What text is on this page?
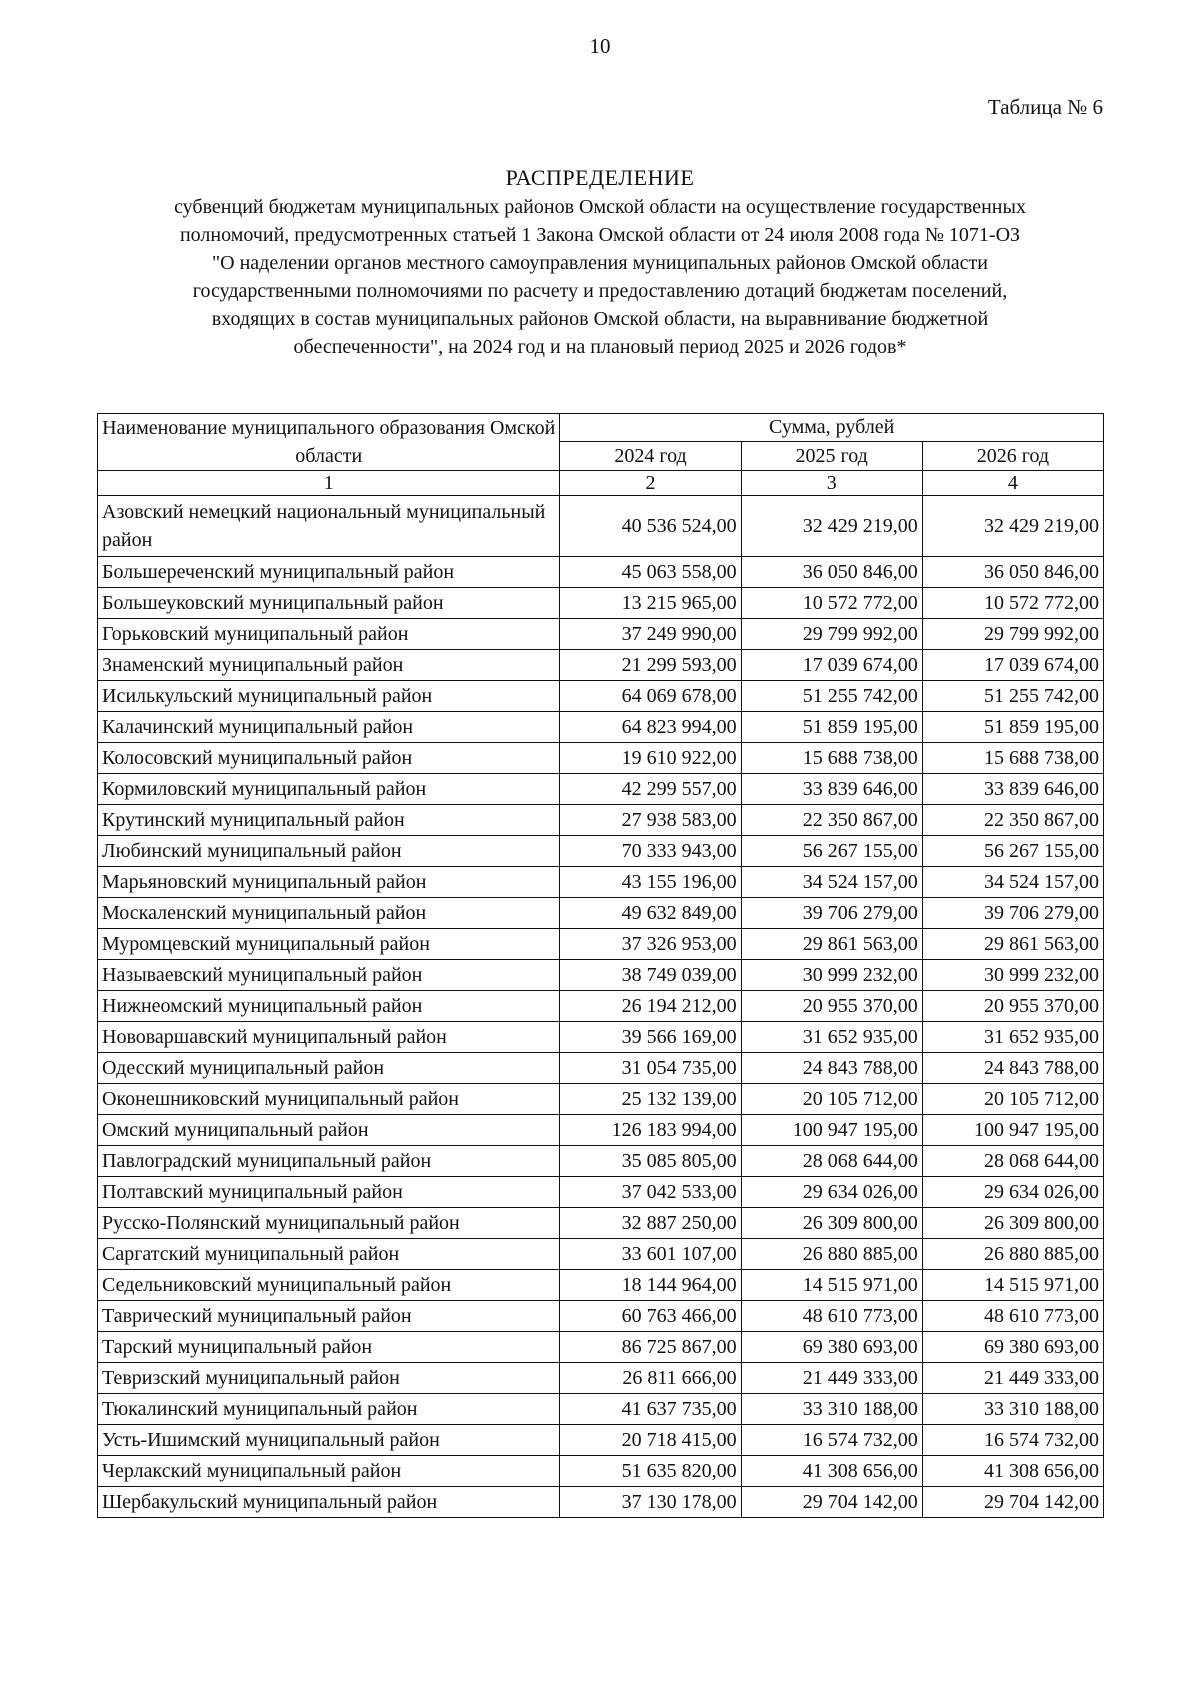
10
Таблица № 6
РАСПРЕДЕЛЕНИЕ
субвенций бюджетам муниципальных районов Омской области на осуществление государственных
полномочий, предусмотренных статьей 1 Закона Омской области от 24 июля 2008 года № 1071-ОЗ
"О наделении органов местного самоуправления муниципальных районов Омской области
государственными полномочиями по расчету и предоставлению дотаций бюджетам поселений,
входящих в состав муниципальных районов Омской области, на выравнивание бюджетной
обеспеченности", на 2024 год и на плановый период 2025 и 2026 годов*
Наименование муниципального образования Омской области	Сумма, рублей		
	2024 год	2025 год	2026 год
1	2	3	4
Азовский немецкий национальный муниципальный район	40 536 524,00	32 429 219,00	32 429 219,00
Большереченский муниципальный район	45 063 558,00	36 050 846,00	36 050 846,00
Большеуковский муниципальный район	13 215 965,00	10 572 772,00	10 572 772,00
Горьковский муниципальный район	37 249 990,00	29 799 992,00	29 799 992,00
Знаменский муниципальный район	21 299 593,00	17 039 674,00	17 039 674,00
Исилькульский муниципальный район	64 069 678,00	51 255 742,00	51 255 742,00
Калачинский муниципальный район	64 823 994,00	51 859 195,00	51 859 195,00
Колосовский муниципальный район	19 610 922,00	15 688 738,00	15 688 738,00
Кормиловский муниципальный район	42 299 557,00	33 839 646,00	33 839 646,00
Крутинский муниципальный район	27 938 583,00	22 350 867,00	22 350 867,00
Любинский муниципальный район	70 333 943,00	56 267 155,00	56 267 155,00
Марьяновский муниципальный район	43 155 196,00	34 524 157,00	34 524 157,00
Москаленский муниципальный район	49 632 849,00	39 706 279,00	39 706 279,00
Муромцевский муниципальный район	37 326 953,00	29 861 563,00	29 861 563,00
Называевский муниципальный район	38 749 039,00	30 999 232,00	30 999 232,00
Нижнеомский муниципальный район	26 194 212,00	20 955 370,00	20 955 370,00
Нововаршавский муниципальный район	39 566 169,00	31 652 935,00	31 652 935,00
Одесский муниципальный район	31 054 735,00	24 843 788,00	24 843 788,00
Оконешниковский муниципальный район	25 132 139,00	20 105 712,00	20 105 712,00
Омский муниципальный район	126 183 994,00	100 947 195,00	100 947 195,00
Павлоградский муниципальный район	35 085 805,00	28 068 644,00	28 068 644,00
Полтавский муниципальный район	37 042 533,00	29 634 026,00	29 634 026,00
Русско-Полянский муниципальный район	32 887 250,00	26 309 800,00	26 309 800,00
Саргатский муниципальный район	33 601 107,00	26 880 885,00	26 880 885,00
Седельниковский муниципальный район	18 144 964,00	14 515 971,00	14 515 971,00
Таврический муниципальный район	60 763 466,00	48 610 773,00	48 610 773,00
Тарский муниципальный район	86 725 867,00	69 380 693,00	69 380 693,00
Тевризский муниципальный район	26 811 666,00	21 449 333,00	21 449 333,00
Тюкалинский муниципальный район	41 637 735,00	33 310 188,00	33 310 188,00
Усть-Ишимский муниципальный район	20 718 415,00	16 574 732,00	16 574 732,00
Черлакский муниципальный район	51 635 820,00	41 308 656,00	41 308 656,00
Шербакульский муниципальный район	37 130 178,00	29 704 142,00	29 704 142,00
